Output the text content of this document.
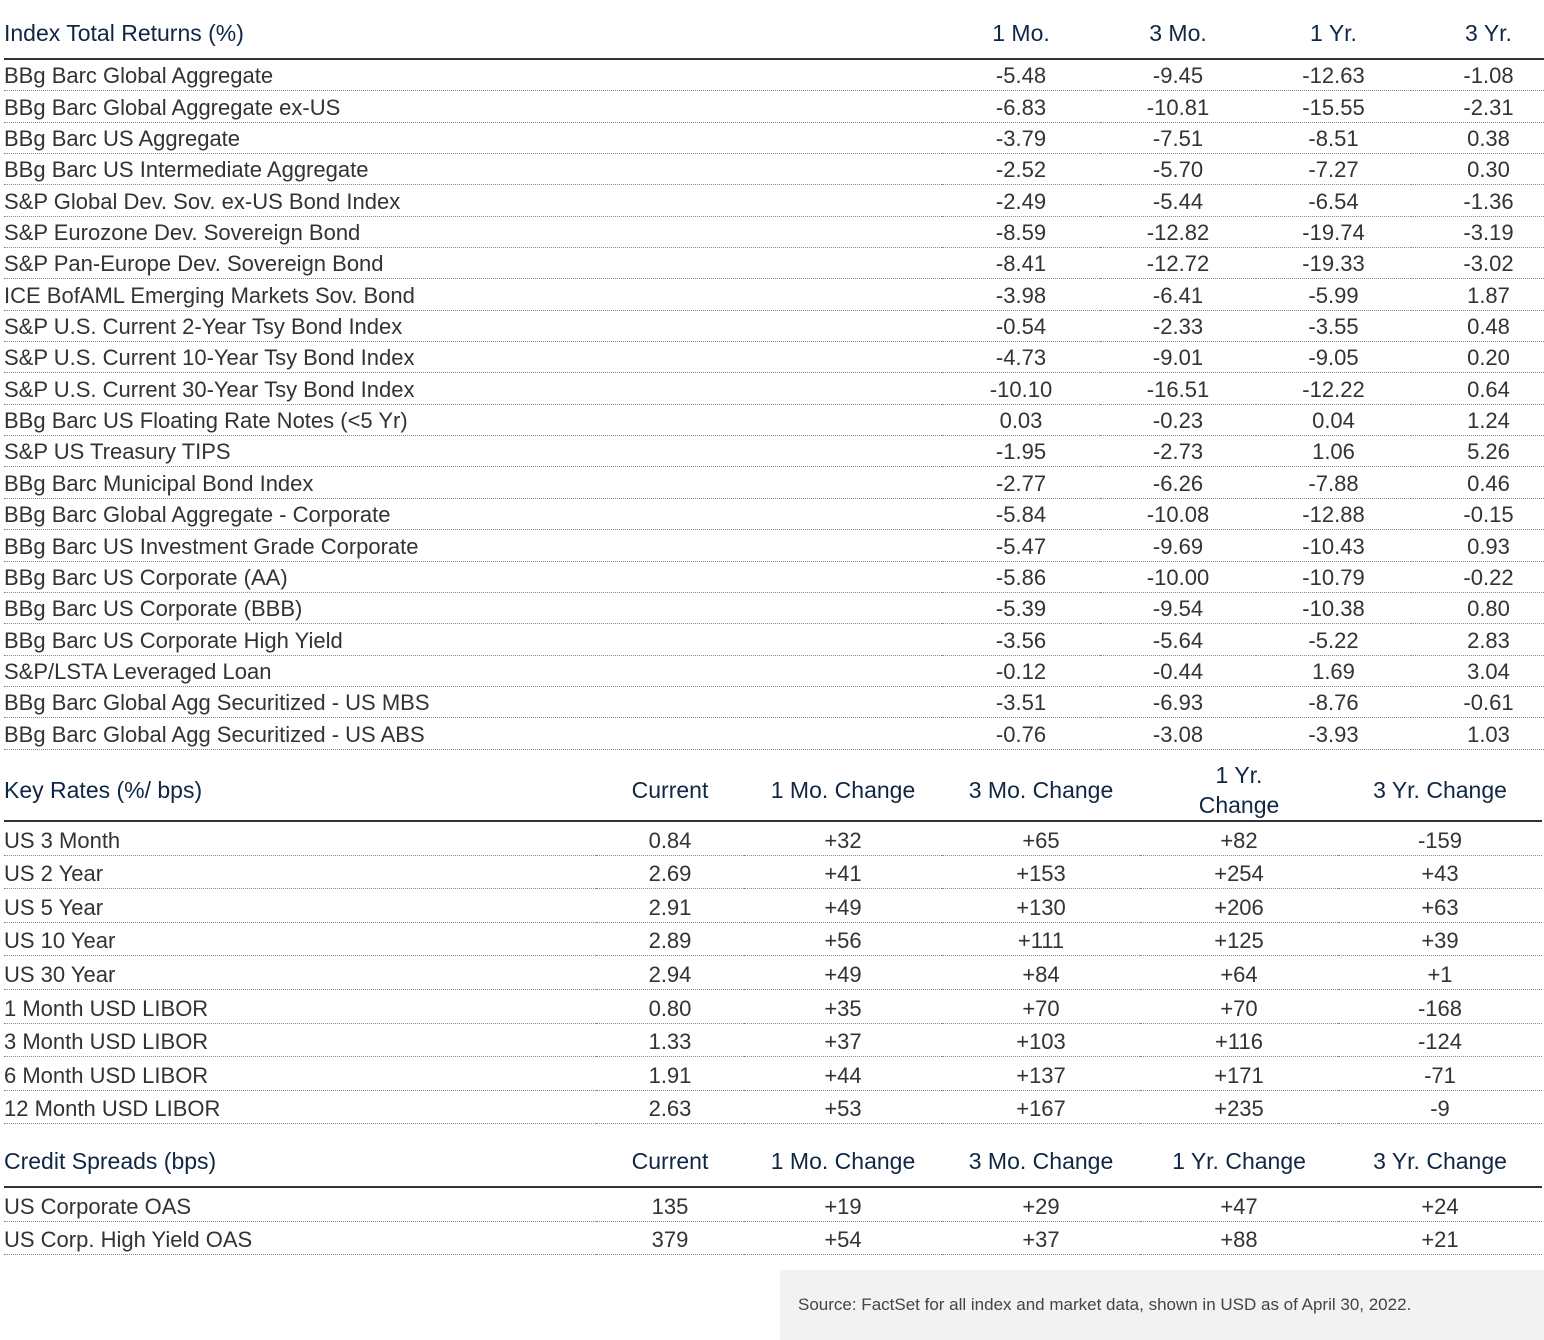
Index Total Returns (%)	1 Mo.	3 Mo.	1 Yr.	3 Yr.
BBg Barc Global Aggregate	-5.48	-9.45	-12.63	-1.08
BBg Barc Global Aggregate ex-US	-6.83	-10.81	-15.55	-2.31
BBg Barc US Aggregate	-3.79	-7.51	-8.51	0.38
BBg Barc US Intermediate Aggregate	-2.52	-5.70	-7.27	0.30
S&P Global Dev. Sov. ex-US Bond Index	-2.49	-5.44	-6.54	-1.36
S&P Eurozone Dev. Sovereign Bond	-8.59	-12.82	-19.74	-3.19
S&P Pan-Europe Dev. Sovereign Bond	-8.41	-12.72	-19.33	-3.02
ICE BofAML Emerging Markets Sov. Bond	-3.98	-6.41	-5.99	1.87
S&P U.S. Current 2-Year Tsy Bond Index	-0.54	-2.33	-3.55	0.48
S&P U.S. Current 10-Year Tsy Bond Index	-4.73	-9.01	-9.05	0.20
S&P U.S. Current 30-Year Tsy Bond Index	-10.10	-16.51	-12.22	0.64
BBg Barc US Floating Rate Notes (<5 Yr)	0.03	-0.23	0.04	1.24
S&P US Treasury TIPS	-1.95	-2.73	1.06	5.26
BBg Barc Municipal Bond Index	-2.77	-6.26	-7.88	0.46
BBg Barc Global Aggregate - Corporate	-5.84	-10.08	-12.88	-0.15
BBg Barc US Investment Grade Corporate	-5.47	-9.69	-10.43	0.93
BBg Barc US Corporate (AA)	-5.86	-10.00	-10.79	-0.22
BBg Barc US Corporate (BBB)	-5.39	-9.54	-10.38	0.80
BBg Barc US Corporate High Yield	-3.56	-5.64	-5.22	2.83
S&P/LSTA Leveraged Loan	-0.12	-0.44	1.69	3.04
BBg Barc Global Agg Securitized - US MBS	-3.51	-6.93	-8.76	-0.61
BBg Barc Global Agg Securitized - US ABS	-0.76	-3.08	-3.93	1.03
Key Rates (%/ bps)	Current	1 Mo. Change	3 Mo. Change	1 Yr. Change	3 Yr. Change
US 3 Month	0.84	+32	+65	+82	-159
US 2 Year	2.69	+41	+153	+254	+43
US 5 Year	2.91	+49	+130	+206	+63
US 10 Year	2.89	+56	+111	+125	+39
US 30 Year	2.94	+49	+84	+64	+1
1 Month USD LIBOR	0.80	+35	+70	+70	-168
3 Month USD LIBOR	1.33	+37	+103	+116	-124
6 Month USD LIBOR	1.91	+44	+137	+171	-71
12 Month USD LIBOR	2.63	+53	+167	+235	-9
Credit Spreads (bps)	Current	1 Mo. Change	3 Mo. Change	1 Yr. Change	3 Yr. Change
US Corporate OAS	135	+19	+29	+47	+24
US Corp. High Yield OAS	379	+54	+37	+88	+21
Source: FactSet for all index and market data, shown in USD as of April 30, 2022.
